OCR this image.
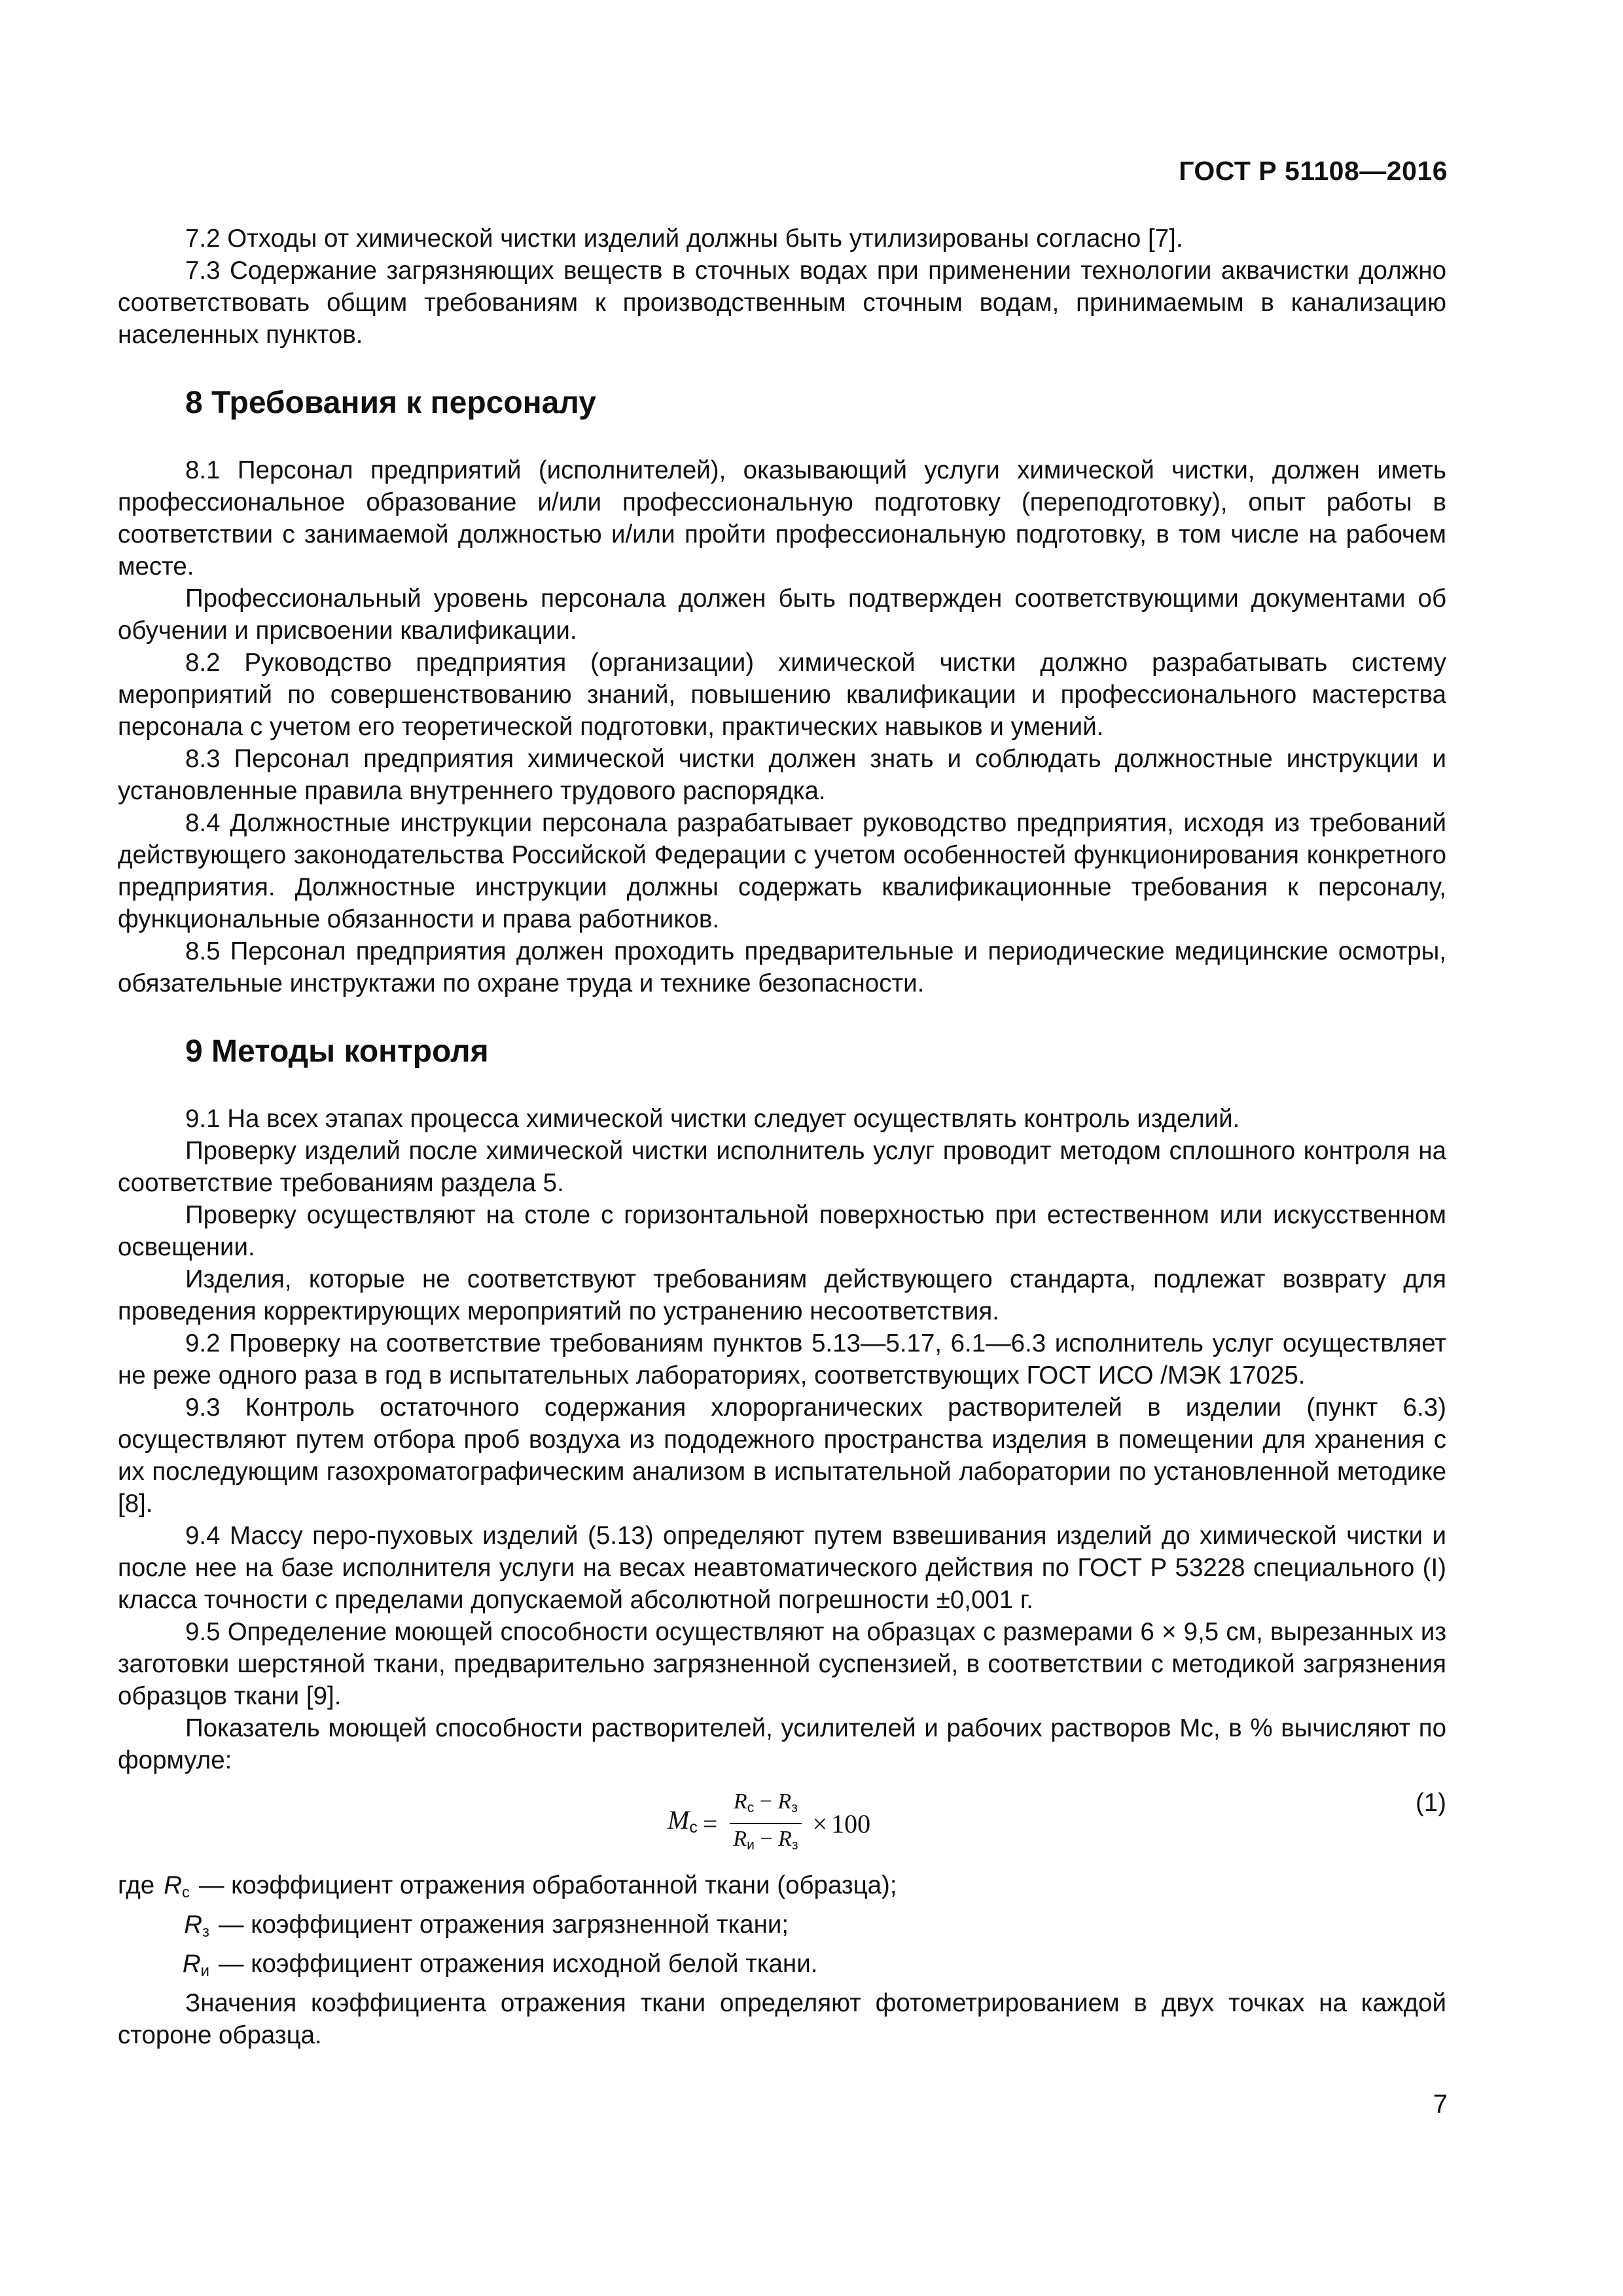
ГОСТ Р 51108—2016

7.2 Отходы от химической чистки изделий должны быть утилизированы согласно [7].

7.3 Содержание загрязняющих веществ в сточных водах при применении технологии аквачистки должно соответствовать общим требованиям к производственным сточным водам, принимаемым в канализацию населенных пунктов.

8 Требования к персоналу

8.1 Персонал предприятий (исполнителей), оказывающий услуги химической чистки, должен иметь профессиональное образование и/или профессиональную подготовку (переподготовку), опыт работы в соответствии с занимаемой должностью и/или пройти профессиональную подготовку, в том числе на рабочем месте.

Профессиональный уровень персонала должен быть подтвержден соответствующими документами об обучении и присвоении квалификации.

8.2 Руководство предприятия (организации) химической чистки должно разрабатывать систему мероприятий по совершенствованию знаний, повышению квалификации и профессионального мастерства персонала с учетом его теоретической подготовки, практических навыков и умений.

8.3 Персонал предприятия химической чистки должен знать и соблюдать должностные инструкции и установленные правила внутреннего трудового распорядка.

8.4 Должностные инструкции персонала разрабатывает руководство предприятия, исходя из требований действующего законодательства Российской Федерации с учетом особенностей функционирования конкретного предприятия. Должностные инструкции должны содержать квалификационные требования к персоналу, функциональные обязанности и права работников.

8.5 Персонал предприятия должен проходить предварительные и периодические медицинские осмотры, обязательные инструктажи по охране труда и технике безопасности.

9 Методы контроля

9.1 На всех этапах процесса химической чистки следует осуществлять контроль изделий.

Проверку изделий после химической чистки исполнитель услуг проводит методом сплошного контроля на соответствие требованиям раздела 5.

Проверку осуществляют на столе с горизонтальной поверхностью при естественном или искусственном освещении.

Изделия, которые не соответствуют требованиям действующего стандарта, подлежат возврату для проведения корректирующих мероприятий по устранению несоответствия.

9.2 Проверку на соответствие требованиям пунктов 5.13—5.17, 6.1—6.3 исполнитель услуг осуществляет не реже одного раза в год в испытательных лабораториях, соответствующих ГОСТ ИСО /МЭК 17025.

9.3 Контроль остаточного содержания хлорорганических растворителей в изделии (пункт 6.3) осуществляют путем отбора проб воздуха из пододежного пространства изделия в помещении для хранения с их последующим газохроматографическим анализом в испытательной лаборатории по установленной методике [8].

9.4 Массу перо-пуховых изделий (5.13) определяют путем взвешивания изделий до химической чистки и после нее на базе исполнителя услуги на весах неавтоматического действия по ГОСТ Р 53228 специального (I) класса точности с пределами допускаемой абсолютной погрешности ±0,001 г.

9.5 Определение моющей способности осуществляют на образцах с размерами 6 × 9,5 см, вырезанных из заготовки шерстяной ткани, предварительно загрязненной суспензией, в соответствии с методикой загрязнения образцов ткани [9].

Показатель моющей способности растворителей, усилителей и рабочих растворов Мс, в % вычисляют по формуле:

$M_с = \frac{R_с - R_з}{R_и - R_з} \times 100$
(1)
где $R_с$ — коэффициент отражения обработанной ткани (образца);
$R_з$ — коэффициент отражения загрязненной ткани;
$R_и$ — коэффициент отражения исходной белой ткани.

Значения коэффициента отражения ткани определяют фотометрированием в двух точках на каждой стороне образца.

7
